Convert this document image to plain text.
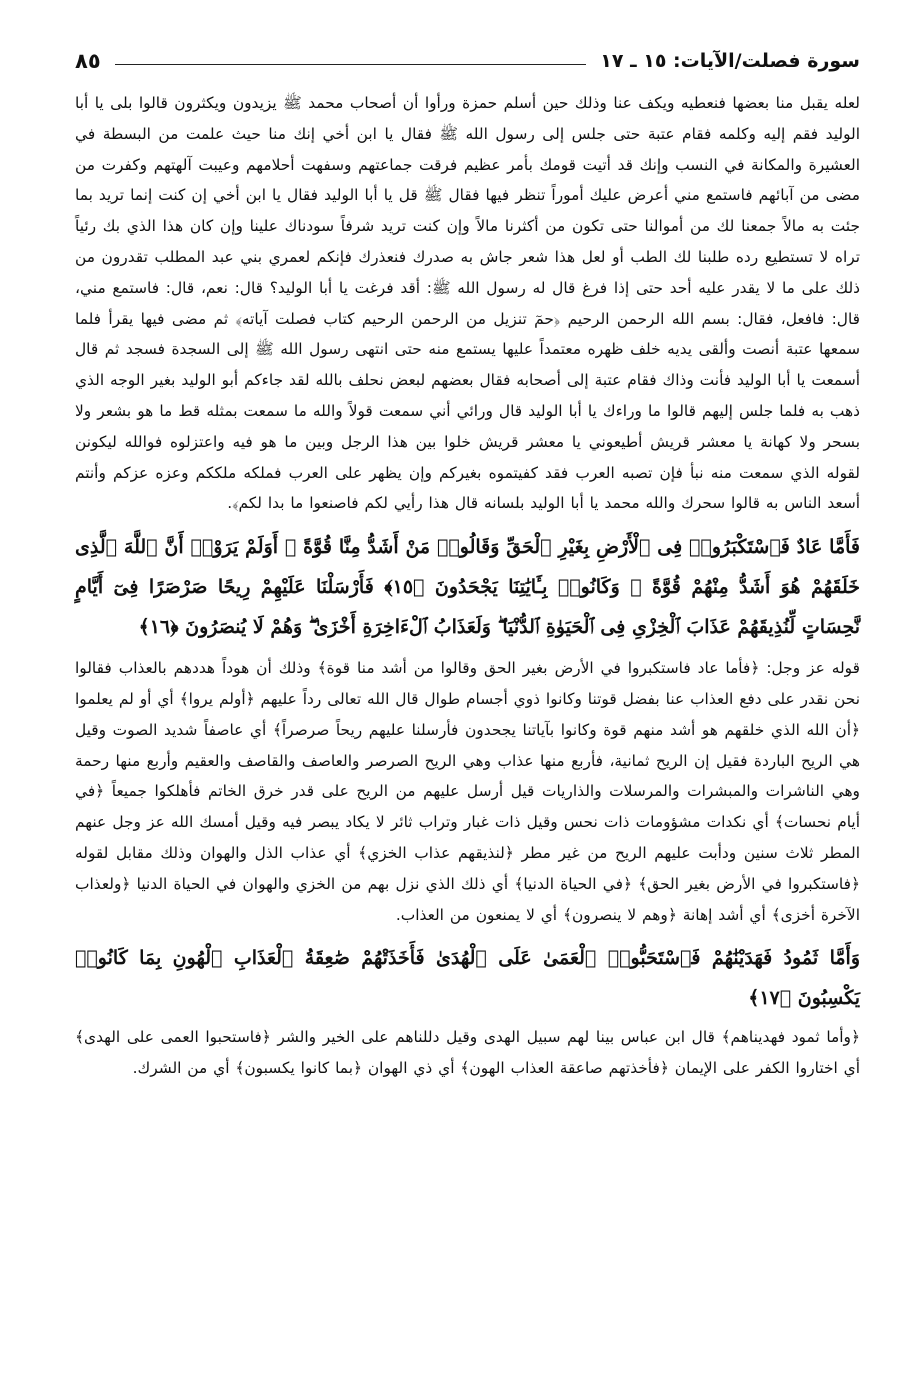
سورة فصلت/الآيات: ١٥ ـ ١٧
٨٥

لعله يقبل منا بعضها فنعطيه ويكف عنا وذلك حين أسلم حمزة ورأوا أن أصحاب محمد ﷺ يزيدون ويكثرون قالوا بلى يا أبا الوليد فقم إليه وكلمه فقام عتبة حتى جلس إلى رسول الله ﷺ فقال يا ابن أخي إنك منا حيث علمت من البسطة في العشيرة والمكانة في النسب وإنك قد أتيت قومك بأمر عظيم فرقت جماعتهم وسفهت أحلامهم وعيبت آلهتهم وكفرت من مضى من آبائهم فاستمع مني أعرض عليك أموراً تنظر فيها فقال ﷺ قل يا أبا الوليد فقال يا ابن أخي إن كنت إنما تريد بما جئت به مالاً جمعنا لك من أموالنا حتى تكون من أكثرنا مالاً وإن كنت تريد شرفاً سودناك علينا وإن كان هذا الذي بك رئياً تراه لا تستطيع رده طلبنا لك الطب أو لعل هذا شعر جاش به صدرك فنعذرك فإنكم لعمري بني عبد المطلب تقدرون من ذلك على ما لا يقدر عليه أحد حتى إذا فرغ قال له رسول الله ﷺ: أقد فرغت يا أبا الوليد؟ قال: نعم، قال: فاستمع مني، قال: فافعل، فقال: بسم الله الرحمن الرحيم ﴿حمٓ تنزيل من الرحمن الرحيم كتاب فصلت آياته﴾ ثم مضى فيها يقرأ فلما سمعها عتبة أنصت وألقى يديه خلف ظهره معتمداً عليها يستمع منه حتى انتهى رسول الله ﷺ إلى السجدة فسجد ثم قال أسمعت يا أبا الوليد فأنت وذاك فقام عتبة إلى أصحابه فقال بعضهم لبعض نحلف بالله لقد جاءكم أبو الوليد بغير الوجه الذي ذهب به فلما جلس إليهم قالوا ما وراءك يا أبا الوليد قال ورائي أني سمعت قولاً والله ما سمعت بمثله قط ما هو بشعر ولا بسحر ولا كهانة يا معشر قريش أطيعوني يا معشر قريش خلوا بين هذا الرجل وبين ما هو فيه واعتزلوه فوالله ليكونن لقوله الذي سمعت منه نبأ فإن تصبه العرب فقد كفيتموه بغيركم وإن يظهر على العرب فملكه ملككم وعزه عزكم وأنتم أسعد الناس به قالوا سحرك والله محمد يا أبا الوليد بلسانه قال هذا رأيي لكم فاصنعوا ما بدا لكم﴾.

فَأَمَّا عَادٌ فَٱسْتَكْبَرُوا۟ فِى ٱلْأَرْضِ بِغَيْرِ ٱلْحَقِّ وَقَالُوا۟ مَنْ أَشَدُّ مِنَّا قُوَّةً ۖ أَوَلَمْ يَرَوْا۟ أَنَّ ٱللَّهَ ٱلَّذِى خَلَقَهُمْ هُوَ أَشَدُّ مِنْهُمْ قُوَّةً ۖ وَكَانُوا۟ بِـَٔايَٰتِنَا يَجْحَدُونَ ﴿١٥﴾ فَأَرْسَلْنَا عَلَيْهِمْ رِيحًا صَرْصَرًا فِىٓ أَيَّامٍ نَّحِسَاتٍ لِّنُذِيقَهُمْ عَذَابَ ٱلْخِزْىِ فِى ٱلْحَيَوٰةِ ٱلدُّنْيَا ۖ وَلَعَذَابُ ٱلْءَاخِرَةِ أَخْزَىٰ ۖ وَهُمْ لَا يُنصَرُونَ ﴿١٦﴾

قوله عز وجل: ﴿فأما عاد فاستكبروا في الأرض بغير الحق وقالوا من أشد منا قوة﴾ وذلك أن هوداً هددهم بالعذاب فقالوا نحن نقدر على دفع العذاب عنا بفضل قوتنا وكانوا ذوي أجسام طوال قال الله تعالى رداً عليهم ﴿أولم يروا﴾ أي أو لم يعلموا ﴿أن الله الذي خلقهم هو أشد منهم قوة وكانوا بآياتنا يجحدون فأرسلنا عليهم ريحاً صرصراً﴾ أي عاصفاً شديد الصوت وقيل هي الريح الباردة فقيل إن الريح ثمانية، فأربع منها عذاب وهي الريح الصرصر والعاصف والقاصف والعقيم وأربع منها رحمة وهي الناشرات والمبشرات والمرسلات والذاريات قيل أرسل عليهم من الريح على قدر خرق الخاتم فأهلكوا جميعاً ﴿في أيام نحسات﴾ أي نكدات مشؤومات ذات نحس وقيل ذات غبار وتراب ثائر لا يكاد يبصر فيه وقيل أمسك الله عز وجل عنهم المطر ثلاث سنين ودأبت عليهم الريح من غير مطر ﴿لنذيقهم عذاب الخزي﴾ أي عذاب الذل والهوان وذلك مقابل لقوله ﴿فاستكبروا في الأرض بغير الحق﴾ ﴿في الحياة الدنيا﴾ أي ذلك الذي نزل بهم من الخزي والهوان في الحياة الدنيا ﴿ولعذاب الآخرة أخزى﴾ أي أشد إهانة ﴿وهم لا ينصرون﴾ أي لا يمنعون من العذاب.

وَأَمَّا ثَمُودُ فَهَدَيْنَٰهُمْ فَٱسْتَحَبُّوا۟ ٱلْعَمَىٰ عَلَى ٱلْهُدَىٰ فَأَخَذَتْهُمْ صَٰعِقَةُ ٱلْعَذَابِ ٱلْهُونِ بِمَا كَانُوا۟ يَكْسِبُونَ ﴿١٧﴾

﴿وأما ثمود فهديناهم﴾ قال ابن عباس بينا لهم سبيل الهدى وقيل دللناهم على الخير والشر ﴿فاستحبوا العمى على الهدى﴾ أي اختاروا الكفر على الإيمان ﴿فأخذتهم صاعقة العذاب الهون﴾ أي ذي الهوان ﴿بما كانوا يكسبون﴾ أي من الشرك.
